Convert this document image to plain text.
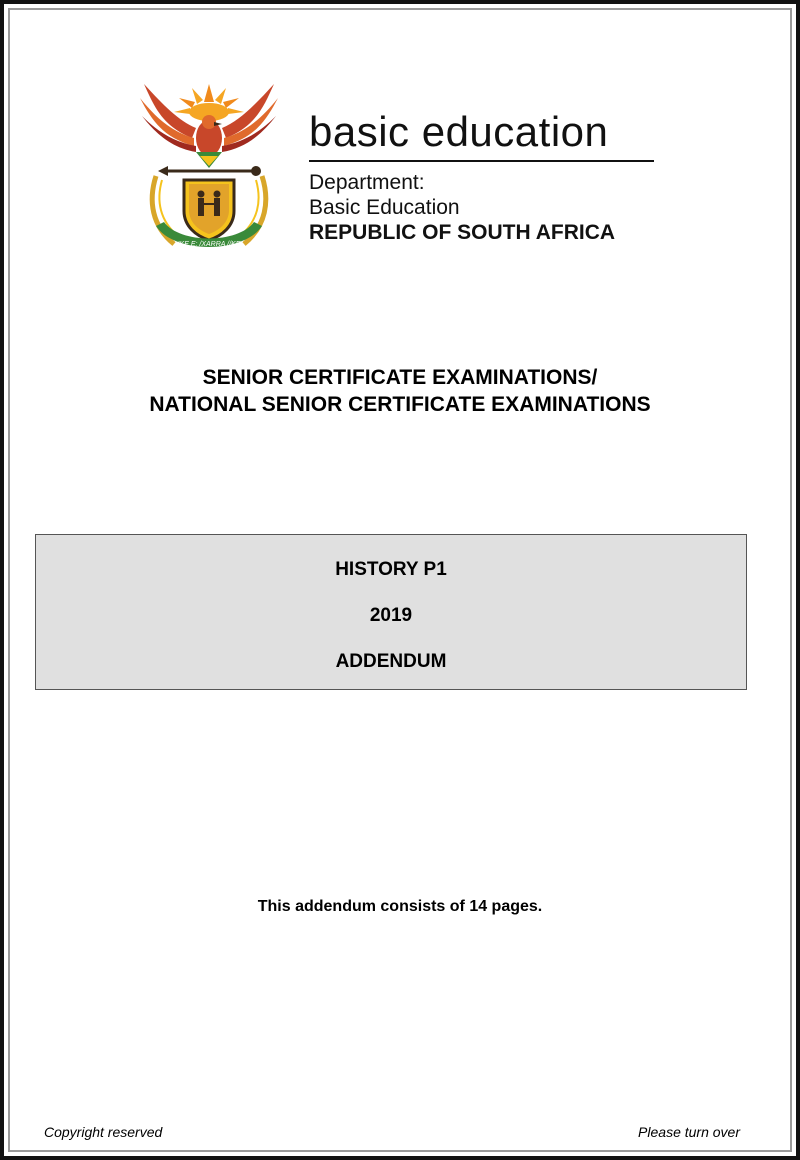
!KE E: /XARRA //KE
basic education
Department:
Basic Education
REPUBLIC OF SOUTH AFRICA
SENIOR CERTIFICATE EXAMINATIONS/
NATIONAL SENIOR CERTIFICATE EXAMINATIONS
HISTORY P1
2019
ADDENDUM
This addendum consists of 14 pages.
Copyright reserved	Please turn over
